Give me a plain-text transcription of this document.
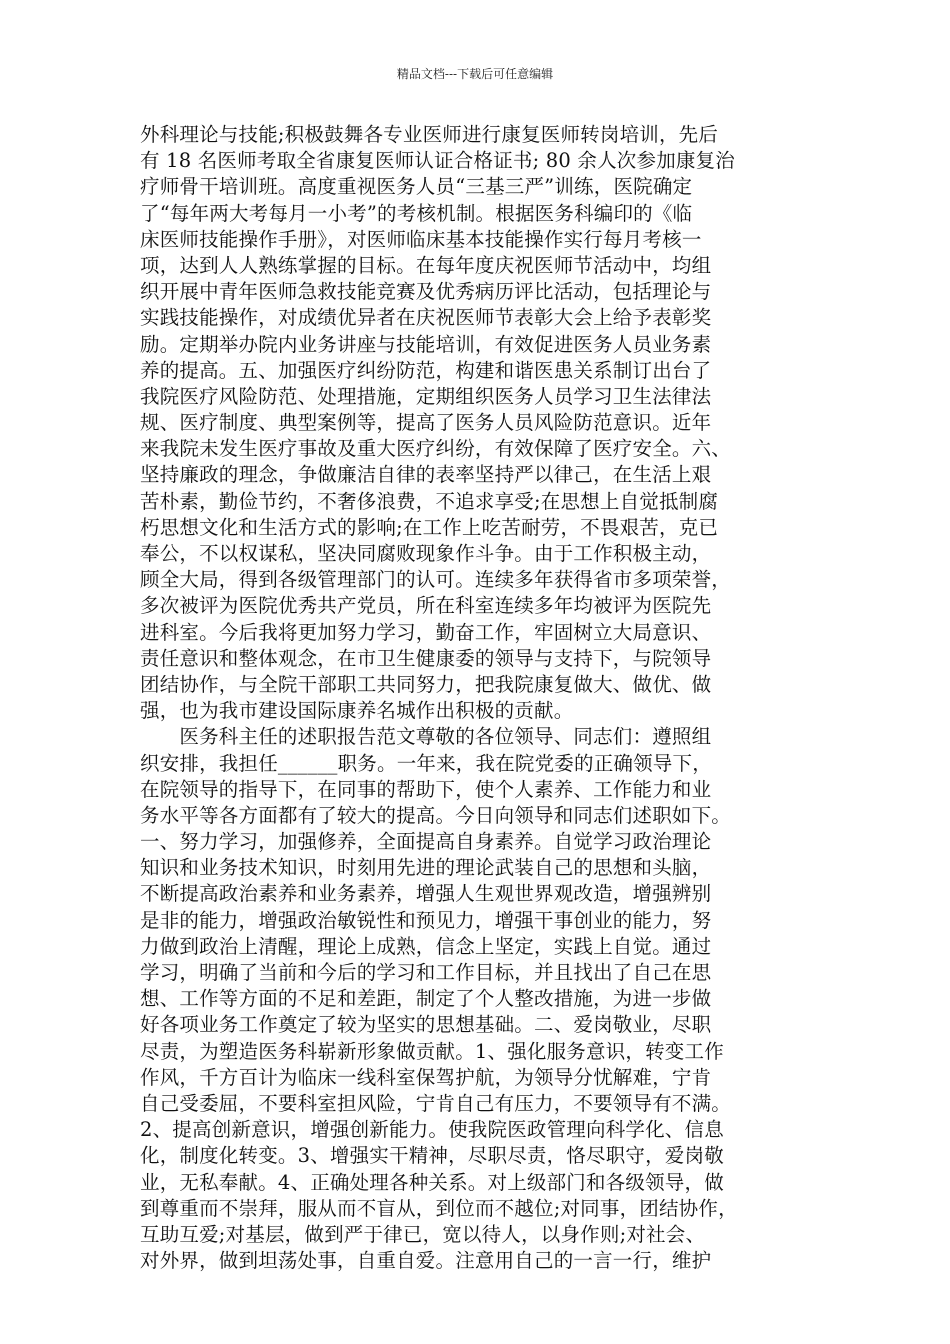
精品文档---下载后可任意编辑
外科理论与技能;积极鼓舞各专业医师进行康复医师转岗培训，先后
有 18 名医师考取全省康复医师认证合格证书; 80 余人次参加康复治
疗师骨干培训班。高度重视医务人员“三基三严”训练，医院确定
了“每年两大考每月一小考”的考核机制。根据医务科编印的《临
床医师技能操作手册》，对医师临床基本技能操作实行每月考核一
项，达到人人熟练掌握的目标。在每年度庆祝医师节活动中，均组
织开展中青年医师急救技能竞赛及优秀病历评比活动，包括理论与
实践技能操作，对成绩优异者在庆祝医师节表彰大会上给予表彰奖
励。定期举办院内业务讲座与技能培训，有效促进医务人员业务素
养的提高。五、加强医疗纠纷防范，构建和谐医患关系制订出台了
我院医疗风险防范、处理措施，定期组织医务人员学习卫生法律法
规、医疗制度、典型案例等，提高了医务人员风险防范意识。近年
来我院未发生医疗事故及重大医疗纠纷，有效保障了医疗安全。六、
坚持廉政的理念，争做廉洁自律的表率坚持严以律己，在生活上艰
苦朴素，勤俭节约，不奢侈浪费，不追求享受;在思想上自觉抵制腐
朽思想文化和生活方式的影响;在工作上吃苦耐劳，不畏艰苦，克已
奉公，不以权谋私，坚决同腐败现象作斗争。由于工作积极主动，
顾全大局，得到各级管理部门的认可。连续多年获得省市多项荣誉，
多次被评为医院优秀共产党员，所在科室连续多年均被评为医院先
进科室。今后我将更加努力学习，勤奋工作，牢固树立大局意识、
责任意识和整体观念，在市卫生健康委的领导与支持下，与院领导
团结协作，与全院干部职工共同努力，把我院康复做大、做优、做
强，也为我市建设国际康养名城作出积极的贡献。
　　医务科主任的述职报告范文尊敬的各位领导、同志们：遵照组
织安排，我担任______职务。一年来，我在院党委的正确领导下，
在院领导的指导下，在同事的帮助下，使个人素养、工作能力和业
务水平等各方面都有了较大的提高。今日向领导和同志们述职如下。
一、努力学习，加强修养，全面提高自身素养。自觉学习政治理论
知识和业务技术知识，时刻用先进的理论武装自己的思想和头脑，
不断提高政治素养和业务素养，增强人生观世界观改造，增强辨别
是非的能力，增强政治敏锐性和预见力，增强干事创业的能力，努
力做到政治上清醒，理论上成熟，信念上坚定，实践上自觉。通过
学习，明确了当前和今后的学习和工作目标，并且找出了自己在思
想、工作等方面的不足和差距，制定了个人整改措施，为进一步做
好各项业务工作奠定了较为坚实的思想基础。二、爱岗敬业，尽职
尽责，为塑造医务科崭新形象做贡献。1、强化服务意识，转变工作
作风，千方百计为临床一线科室保驾护航，为领导分忧解难，宁肯
自己受委屈，不要科室担风险，宁肯自己有压力，不要领导有不满。
2、提高创新意识，增强创新能力。使我院医政管理向科学化、信息
化，制度化转变。3、增强实干精神，尽职尽责，恪尽职守，爱岗敬
业，无私奉献。4、正确处理各种关系。对上级部门和各级领导，做
到尊重而不崇拜，服从而不盲从，到位而不越位;对同事，团结协作，
互助互爱;对基层，做到严于律已，宽以待人，以身作则;对社会、
对外界，做到坦荡处事，自重自爱。注意用自己的一言一行，维护
